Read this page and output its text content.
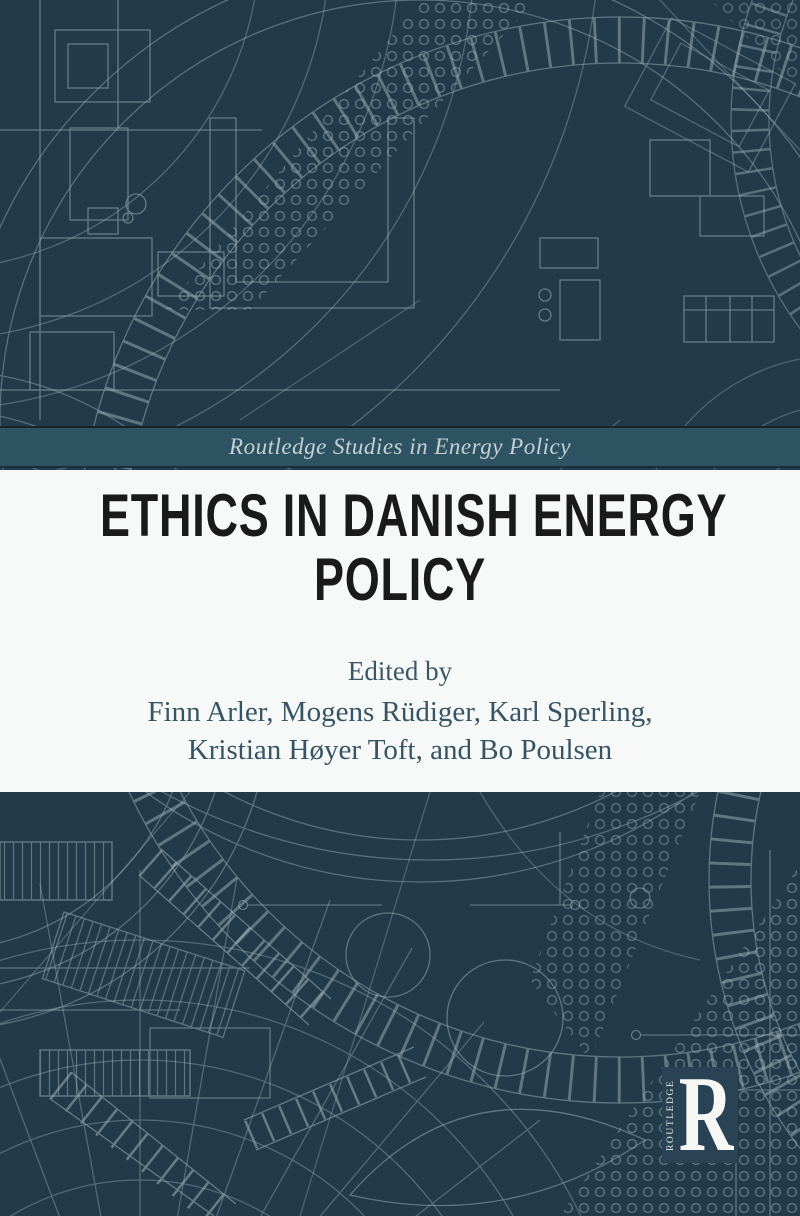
Routledge Studies in Energy Policy
ETHICS IN DANISH ENERGY
POLICY
Edited by
Finn Arler, Mogens Rüdiger, Karl Sperling,
Kristian Høyer Toft, and Bo Poulsen
ROUTLEDGE R
